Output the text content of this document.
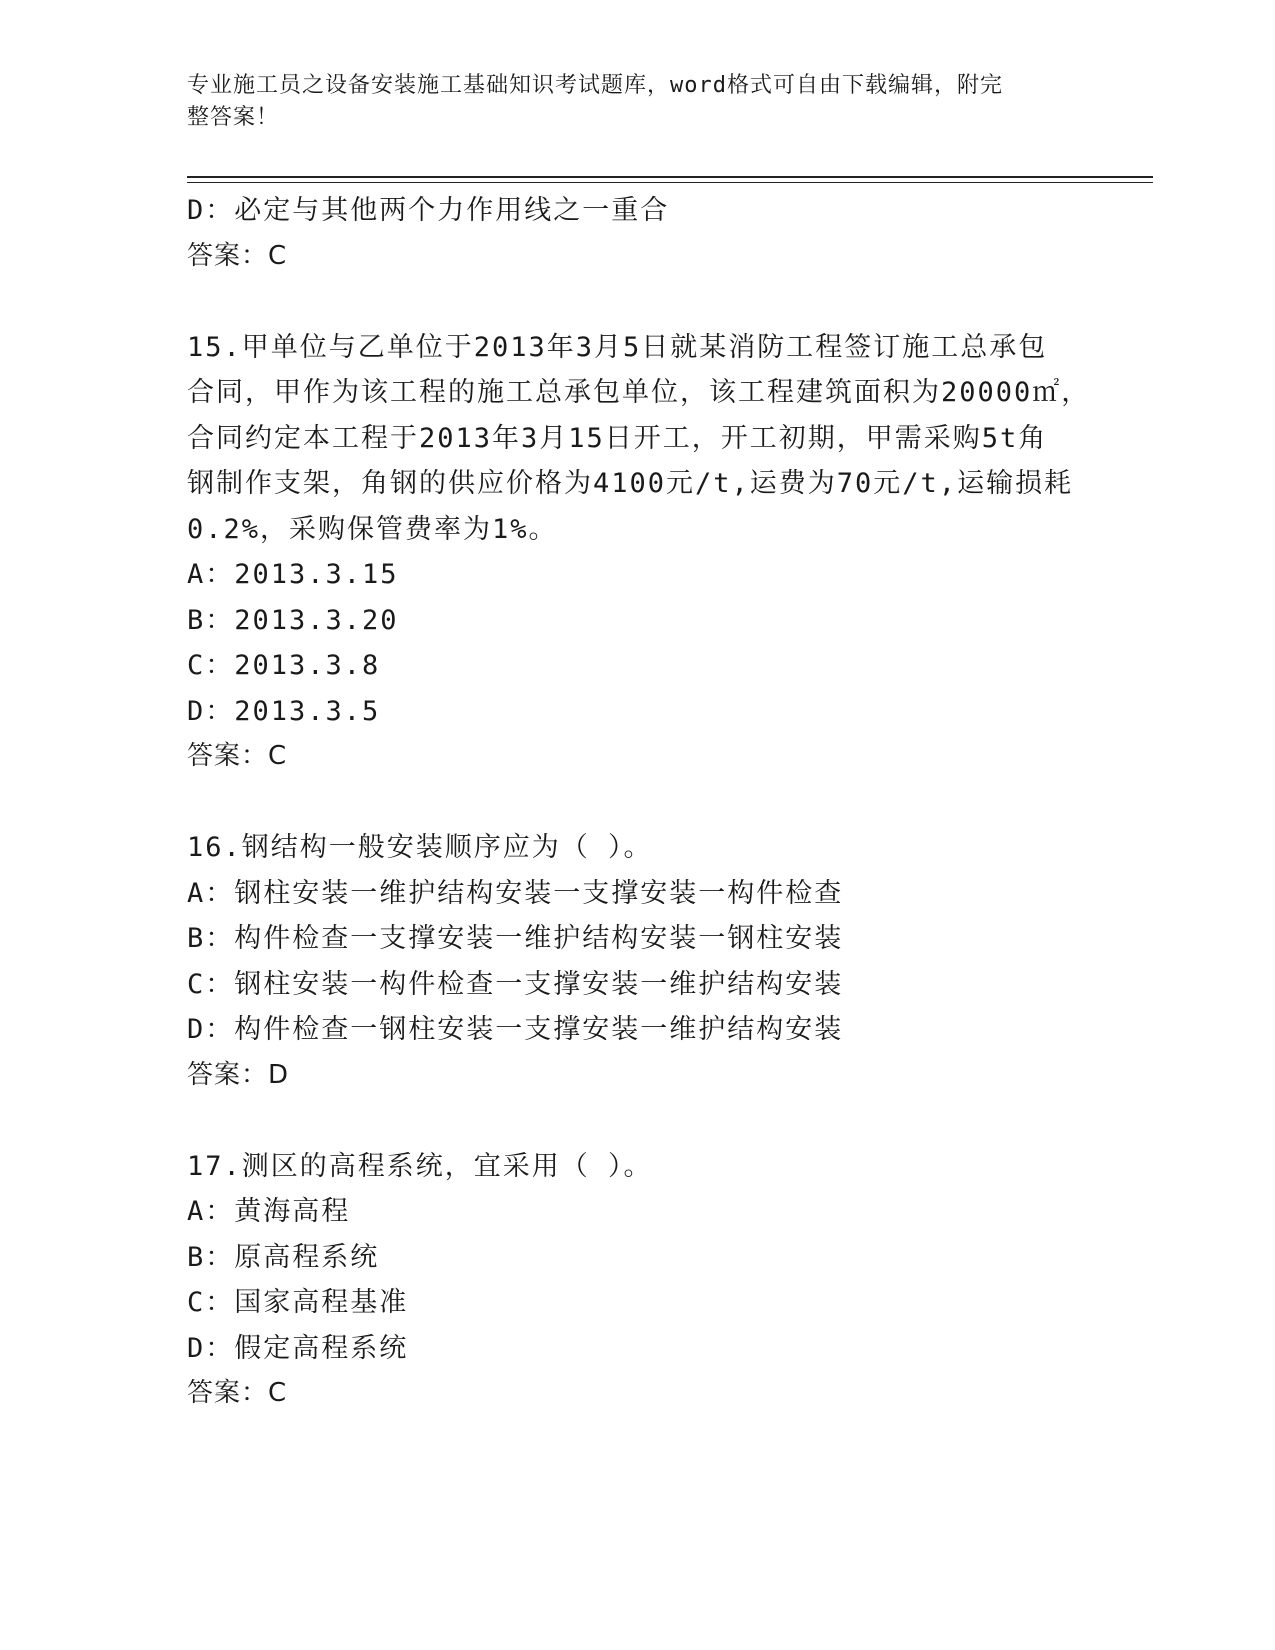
专业施工员之设备安装施工基础知识考试题库，word格式可自由下载编辑，附完
整答案！
D：必定与其他两个力作用线之一重合
答案：C
15.甲单位与乙单位于2013年3月5日就某消防工程签订施工总承包
合同，甲作为该工程的施工总承包单位，该工程建筑面积为20000㎡，
合同约定本工程于2013年3月15日开工，开工初期，甲需采购5t角
钢制作支架，角钢的供应价格为4100元/t,运费为70元/t,运输损耗
0.2%，采购保管费率为1%。
A：2013.3.15
B：2013.3.20
C：2013.3.8
D：2013.3.5
答案：C
16.钢结构一般安装顺序应为（ ）。
A：钢柱安装一维护结构安装一支撑安装一构件检查
B：构件检查一支撑安装一维护结构安装一钢柱安装
C：钢柱安装一构件检查一支撑安装一维护结构安装
D：构件检查一钢柱安装一支撑安装一维护结构安装
答案：D
17.测区的高程系统，宜采用（ ）。
A：黄海高程
B：原高程系统
C：国家高程基准
D：假定高程系统
答案：C
